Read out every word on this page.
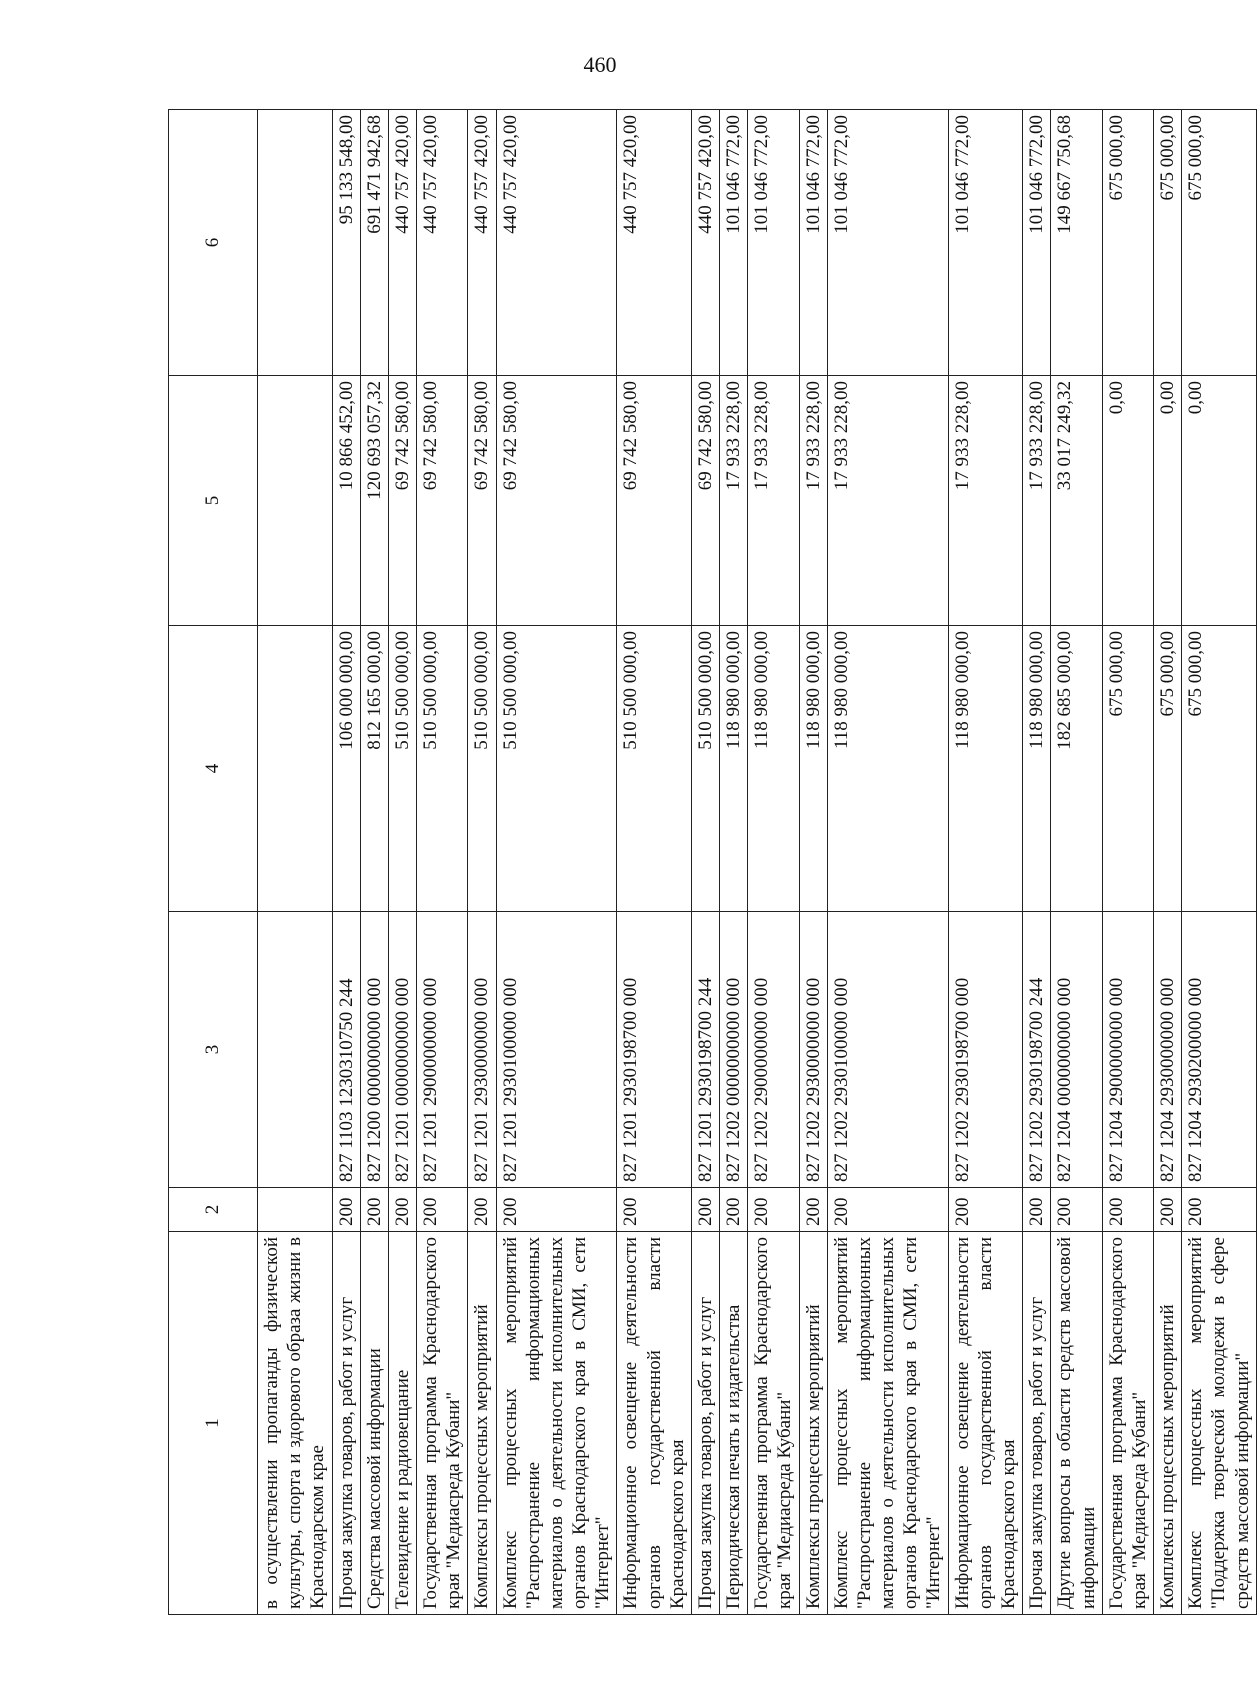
460
1	2	3	4	5	6
в осуществлении пропаганды физической культуры, спорта и здорового образа жизни в Краснодарском крае					
Прочая закупка товаров, работ и услуг	200	827 1103 1230310750 244	106 000 000,00	10 866 452,00	95 133 548,00
Средства массовой информации	200	827 1200 0000000000 000	812 165 000,00	120 693 057,32	691 471 942,68
Телевидение и радиовещание	200	827 1201 0000000000 000	510 500 000,00	69 742 580,00	440 757 420,00
Государственная программа Краснодарского края "Медиасреда Кубани"	200	827 1201 2900000000 000	510 500 000,00	69 742 580,00	440 757 420,00
Комплексы процессных мероприятий	200	827 1201 2930000000 000	510 500 000,00	69 742 580,00	440 757 420,00
Комплекс процессных мероприятий "Распространение информационных материалов о деятельности исполнительных органов Краснодарского края в СМИ, сети "Интернет"	200	827 1201 2930100000 000	510 500 000,00	69 742 580,00	440 757 420,00
Информационное освещение деятельности органов государственной власти Краснодарского края	200	827 1201 2930198700 000	510 500 000,00	69 742 580,00	440 757 420,00
Прочая закупка товаров, работ и услуг	200	827 1201 2930198700 244	510 500 000,00	69 742 580,00	440 757 420,00
Периодическая печать и издательства	200	827 1202 0000000000 000	118 980 000,00	17 933 228,00	101 046 772,00
Государственная программа Краснодарского края "Медиасреда Кубани"	200	827 1202 2900000000 000	118 980 000,00	17 933 228,00	101 046 772,00
Комплексы процессных мероприятий	200	827 1202 2930000000 000	118 980 000,00	17 933 228,00	101 046 772,00
Комплекс процессных мероприятий "Распространение информационных материалов о деятельности исполнительных органов Краснодарского края в СМИ, сети "Интернет"	200	827 1202 2930100000 000	118 980 000,00	17 933 228,00	101 046 772,00
Информационное освещение деятельности органов государственной власти Краснодарского края	200	827 1202 2930198700 000	118 980 000,00	17 933 228,00	101 046 772,00
Прочая закупка товаров, работ и услуг	200	827 1202 2930198700 244	118 980 000,00	17 933 228,00	101 046 772,00
Другие вопросы в области средств массовой информации	200	827 1204 0000000000 000	182 685 000,00	33 017 249,32	149 667 750,68
Государственная программа Краснодарского края "Медиасреда Кубани"	200	827 1204 2900000000 000	675 000,00	0,00	675 000,00
Комплексы процессных мероприятий	200	827 1204 2930000000 000	675 000,00	0,00	675 000,00
Комплекс процессных мероприятий "Поддержка творческой молодежи в сфере средств массовой информации"	200	827 1204 2930200000 000	675 000,00	0,00	675 000,00
